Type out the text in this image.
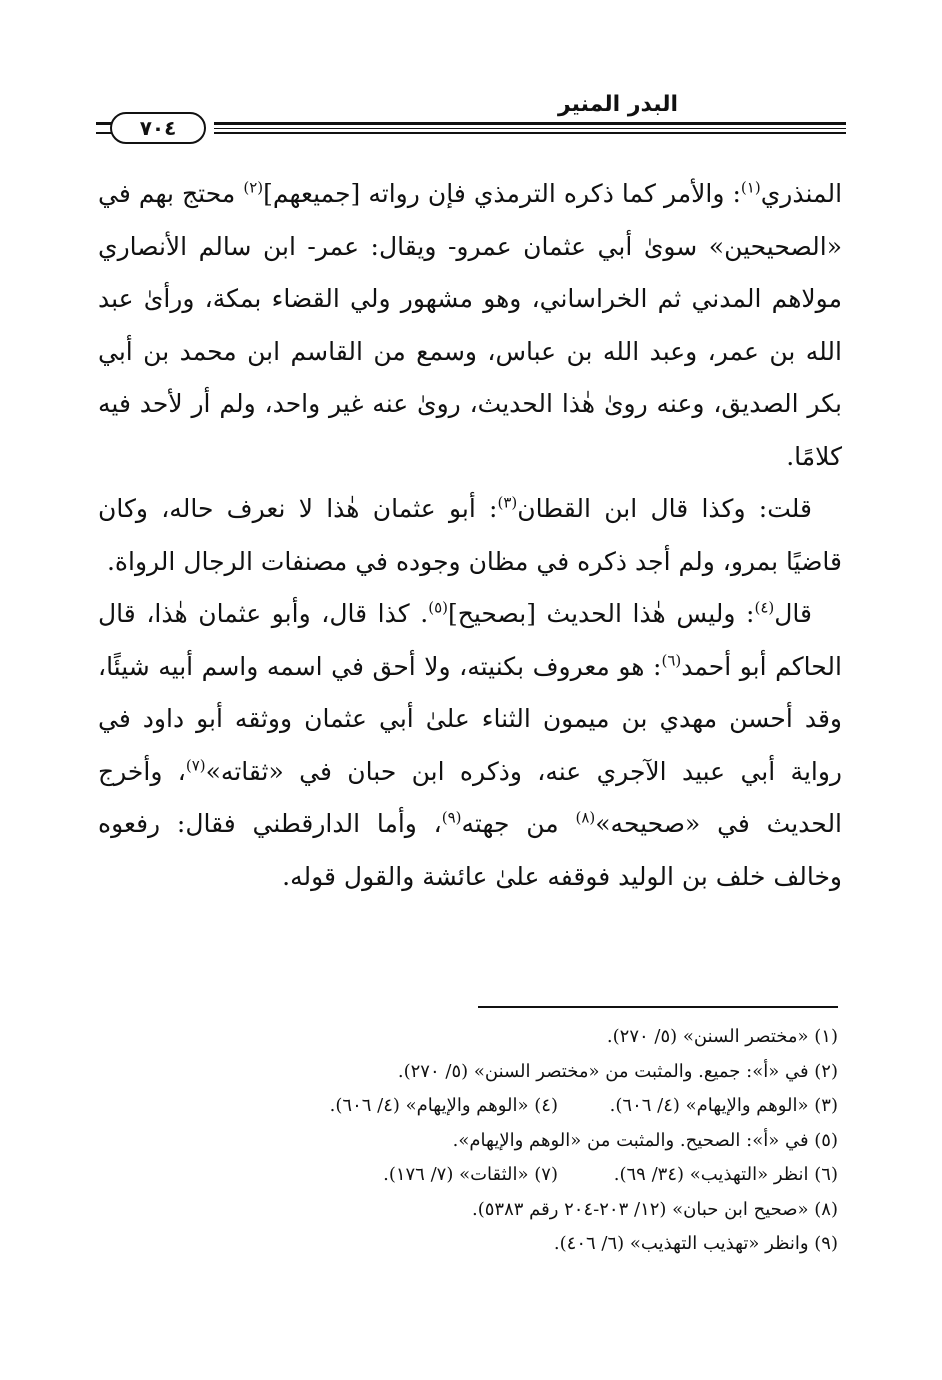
البدر المنير
٧٠٤

المنذري$^{(١)}$: والأمر كما ذكره الترمذي فإن رواته [جميعهم]$^{(٢)}$ محتج بهم في «الصحيحين» سوىٰ أبي عثمان عمرو- ويقال: عمر- ابن سالم الأنصاري مولاهم المدني ثم الخراساني، وهو مشهور ولي القضاء بمكة، ورأىٰ عبد الله بن عمر، وعبد الله بن عباس، وسمع من القاسم ابن محمد بن أبي بكر الصديق، وعنه روىٰ هٰذا الحديث، روىٰ عنه غير واحد، ولم أر لأحد فيه كلامًا.

قلت: وكذا قال ابن القطان$^{(٣)}$: أبو عثمان هٰذا لا نعرف حاله، وكان قاضيًا بمرو، ولم أجد ذكره في مظان وجوده في مصنفات الرجال الرواة.

قال$^{(٤)}$: وليس هٰذا الحديث [بصحيح]$^{(٥)}$. كذا قال، وأبو عثمان هٰذا، قال الحاكم أبو أحمد$^{(٦)}$: هو معروف بكنيته، ولا أحق في اسمه واسم أبيه شيئًا، وقد أحسن مهدي بن ميمون الثناء علىٰ أبي عثمان ووثقه أبو داود في رواية أبي عبيد الآجري عنه، وذكره ابن حبان في «ثقاته»$^{(٧)}$، وأخرج الحديث في «صحيحه»$^{(٨)}$ من جهته$^{(٩)}$، وأما الدارقطني فقال: رفعوه وخالف خلف بن الوليد فوقفه علىٰ عائشة والقول قوله.

(١) «مختصر السنن» (٥/ ٢٧٠).
(٢) في «أ»: جميع. والمثبت من «مختصر السنن» (٥/ ٢٧٠).
(٣) «الوهم والإيهام» (٤/ ٦٠٦).(٤) «الوهم والإيهام» (٤/ ٦٠٦).
(٥) في «أ»: الصحيح. والمثبت من «الوهم والإيهام».
(٦) انظر «التهذيب» (٣٤/ ٦٩).(٧) «الثقات» (٧/ ١٧٦).
(٨) «صحيح ابن حبان» (١٢/ ٢٠٣-٢٠٤ رقم ٥٣٨٣).
(٩) وانظر «تهذيب التهذيب» (٦/ ٤٠٦).
